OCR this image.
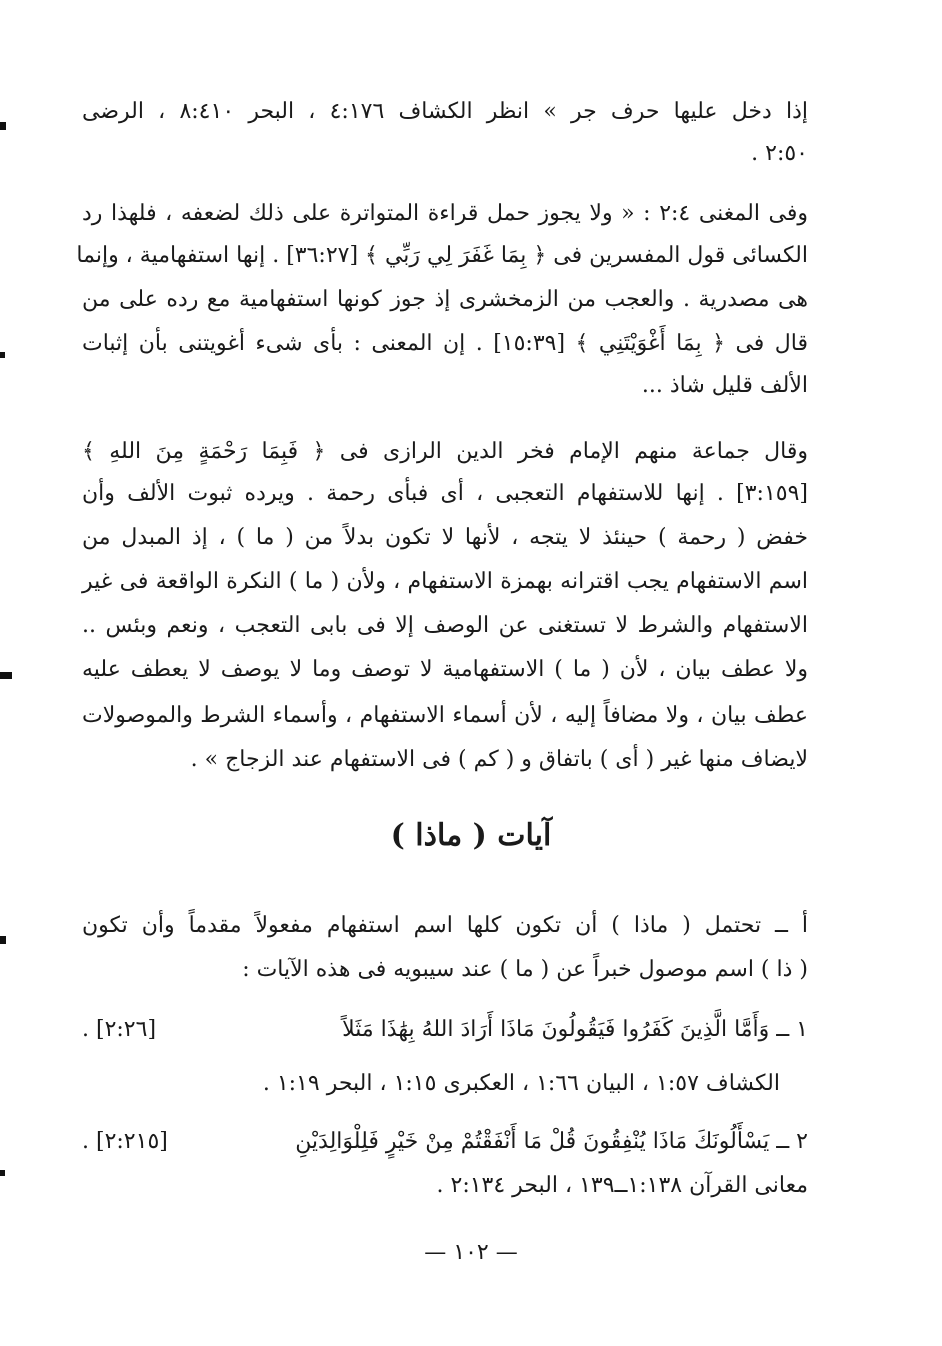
إذا دخل عليها حرف جر » انظر الكشاف ٤:١٧٦ ، البحر ٨:٤١٠ ، الرضى
٢:٥٠ .
وفى المغنى ٢:٤ : « ولا يجوز حمل قراءة المتواترة على ذلك لضعفه ، فلهذا رد
الكسائى قول المفسرين فى ﴿ بِمَا غَفَرَ لِي رَبِّي ﴾ [٣٦:٢٧] . إنها استفهامية ، وإنما
هى مصدرية . والعجب من الزمخشرى إذ جوز كونها استفهامية مع رده على من
قال فى ﴿ بِمَا أَغْوَيْتَنِي ﴾ [١٥:٣٩] . إن المعنى : بأى شىء أغويتنى بأن إثبات
الألف قليل شاذ ...
وقال جماعة منهم الإمام فخر الدين الرازى فى ﴿ فَبِمَا رَحْمَةٍ مِنَ اللهِ ﴾
[٣:١٥٩] . إنها للاستفهام التعجبى ، أى فبأى رحمة . ويرده ثبوت الألف وأن
خفض ( رحمة ) حينئذ لا يتجه ، لأنها لا تكون بدلاً من ( ما ) ، إذ المبدل من
اسم الاستفهام يجب اقترانه بهمزة الاستفهام ، ولأن ( ما ) النكرة الواقعة فى غير
الاستفهام والشرط لا تستغنى عن الوصف إلا فى بابى التعجب ، ونعم وبئس ..
ولا عطف بيان ، لأن ( ما ) الاستفهامية لا توصف وما لا يوصف لا يعطف عليه
عطف بيان ، ولا مضافاً إليه ، لأن أسماء الاستفهام ، وأسماء الشرط والموصولات
لايضاف منها غير ( أى ) باتفاق و ( كم ) فى الاستفهام عند الزجاج » .
آيات ( ماذا )
أ ــ تحتمل ( ماذا ) أن تكون كلها اسم استفهام مفعولاً مقدماً وأن تكون
( ذا ) اسم موصول خبراً عن ( ما ) عند سيبويه فى هذه الآيات :
١ ــ وَأَمَّا الَّذِينَ كَفَرُوا فَيَقُولُونَ مَاذَا أَرَادَ اللهُ بِهَٰذَا مَثَلاً
[٢:٢٦] .
الكشاف ١:٥٧ ، البيان ١:٦٦ ، العكبرى ١:١٥ ، البحر ١:١٩ .
٢ ــ يَسْأَلُونَكَ مَاذَا يُنْفِقُونَ قُلْ مَا أَنْفَقْتُمْ مِنْ خَيْرٍ فَلِلْوَالِدَيْنِ
[٢:٢١٥] .
معانى القرآن ١:١٣٨ــ١٣٩ ، البحر ٢:١٣٤ .
— ١٠٢ —
